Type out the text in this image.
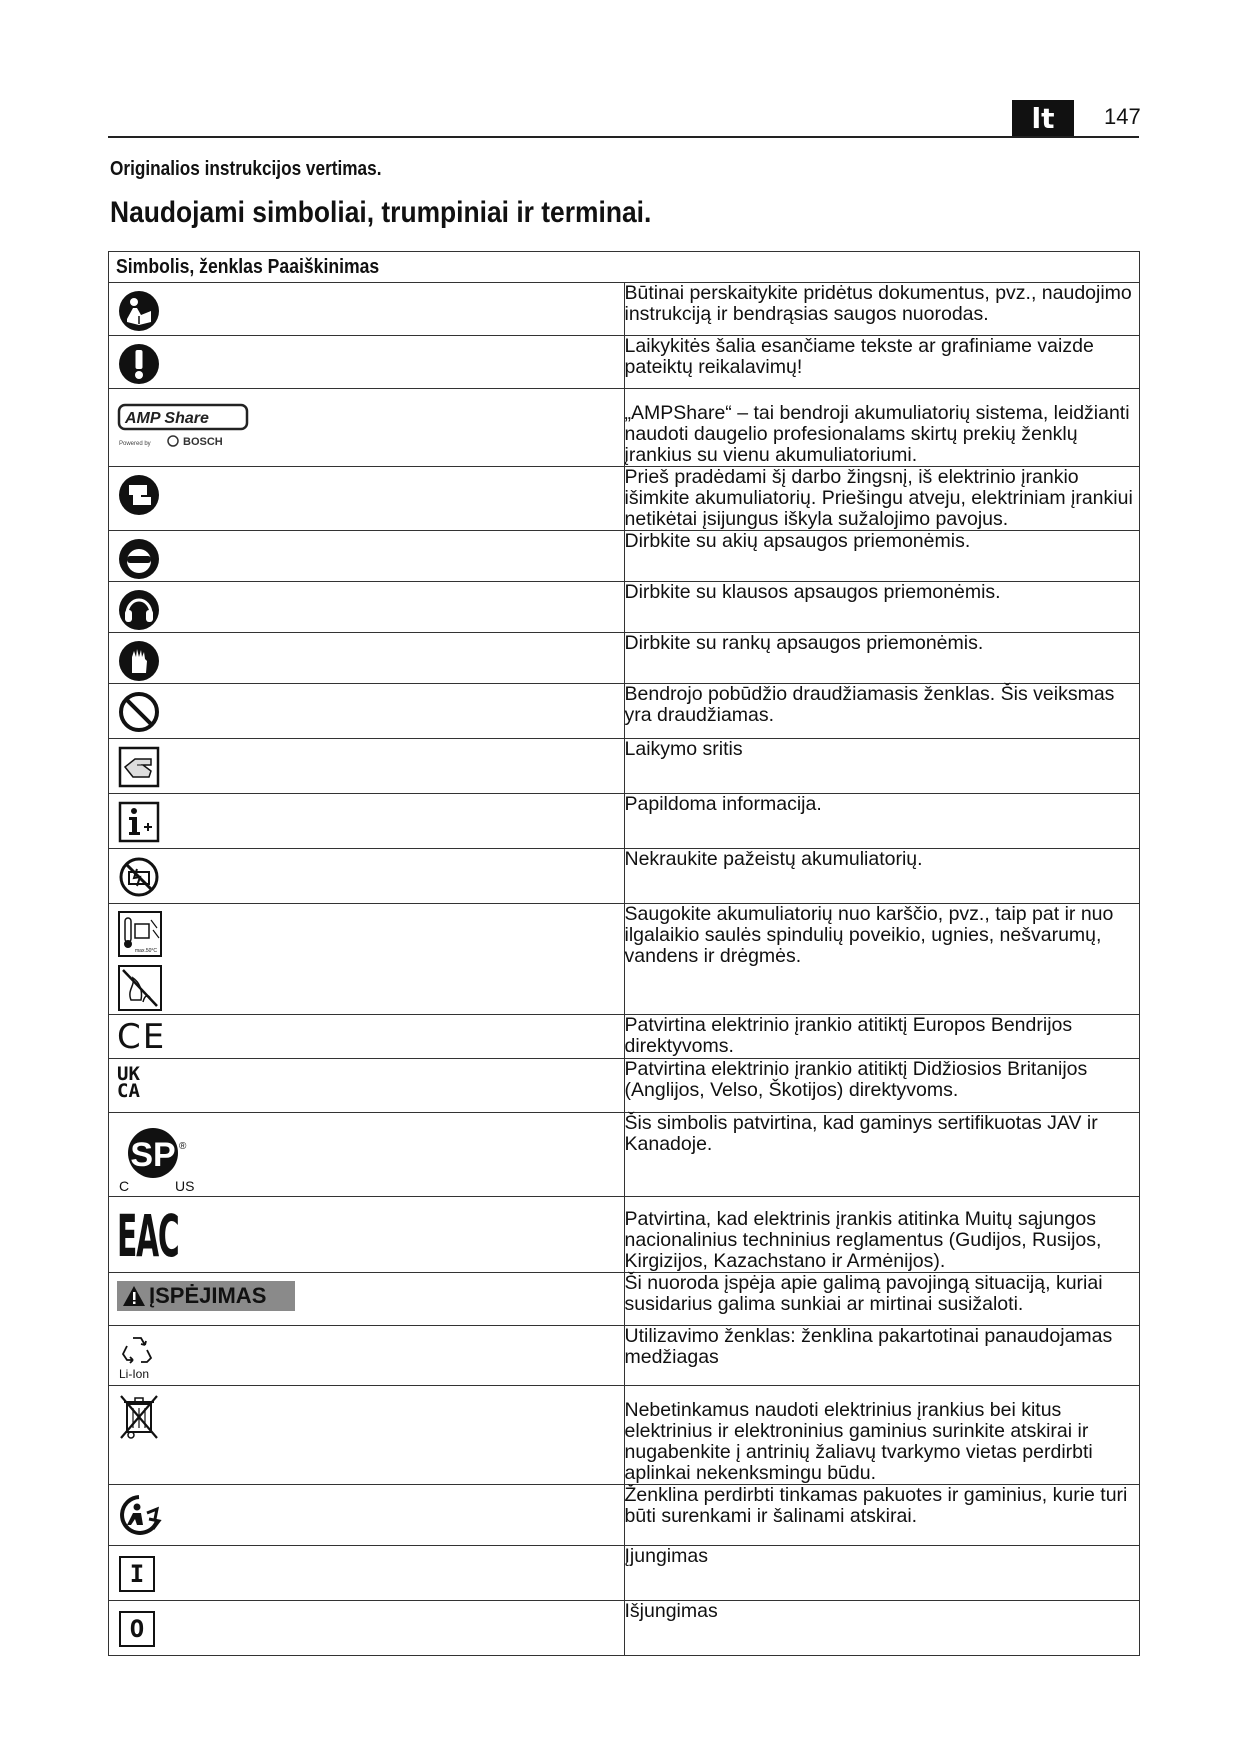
lt	147
Originalios instrukcijos vertimas.
Naudojami simboliai, trumpiniai ir terminai.
Simbolis, ženklas Paaiškinimas	

	Būtinai perskaitykite pridėtus dokumentus, pvz., naudojimo instrukciją ir bendrąsias saugos nuorodas.

	Laikykitės šalia esančiame tekste ar grafiniame vaizde pateiktų reikalavimų!

AMP Share
Powered by BOSCH	„AMPShare“ – tai bendroji akumuliatorių sistema, leidžianti naudoti daugelio profesionalams skirtų prekių ženklų įrankius su vienu akumuliatoriumi.

	Prieš pradėdami šį darbo žingsnį, iš elektrinio įrankio išimkite akumuliatorių. Priešingu atveju, elektriniam įrankiui netikėtai įsijungus iškyla sužalojimo pavojus.

	Dirbkite su akių apsaugos priemonėmis.

	Dirbkite su klausos apsaugos priemonėmis.

	Dirbkite su rankų apsaugos priemonėmis.

	Bendrojo pobūdžio draudžiamasis ženklas. Šis veiksmas yra draudžiamas.

	Laikymo sritis

	Papildoma informacija.

	Nekraukite pažeistų akumuliatorių.

max.50°C	Saugokite akumuliatorių nuo karščio, pvz., taip pat ir nuo ilgalaikio saulės spindulių poveikio, ugnies, nešvarumų, vandens ir drėgmės.

CE	Patvirtina elektrinio įrankio atitiktį Europos Bendrijos direktyvoms.

UK
CA	Patvirtina elektrinio įrankio atitiktį Didžiosios Britanijos (Anglijos, Velso, Škotijos) direktyvoms.

SP ®
C US	Šis simbolis patvirtina, kad gaminys sertifikuotas JAV ir Kanadoje.

EAC	Patvirtina, kad elektrinis įrankis atitinka Muitų sąjungos nacionalinius techninius reglamentus (Gudijos, Rusijos, Kirgizijos, Kazachstano ir Armėnijos).

ĮSPĖJIMAS	Ši nuoroda įspėja apie galimą pavojingą situaciją, kuriai susidarius galima sunkiai ar mirtinai susižaloti.

Li-Ion	Utilizavimo ženklas: ženklina pakartotinai panaudojamas medžiagas

	Nebetinkamus naudoti elektrinius įrankius bei kitus elektrinius ir elektroninius gaminius surinkite atskirai ir nugabenkite į antrinių žaliavų tvarkymo vietas perdirbti aplinkai nekenksmingu būdu.

	Ženklina perdirbti tinkamas pakuotes ir gaminius, kurie turi būti surenkami ir šalinami atskirai.

I	Įjungimas

O	Išjungimas
